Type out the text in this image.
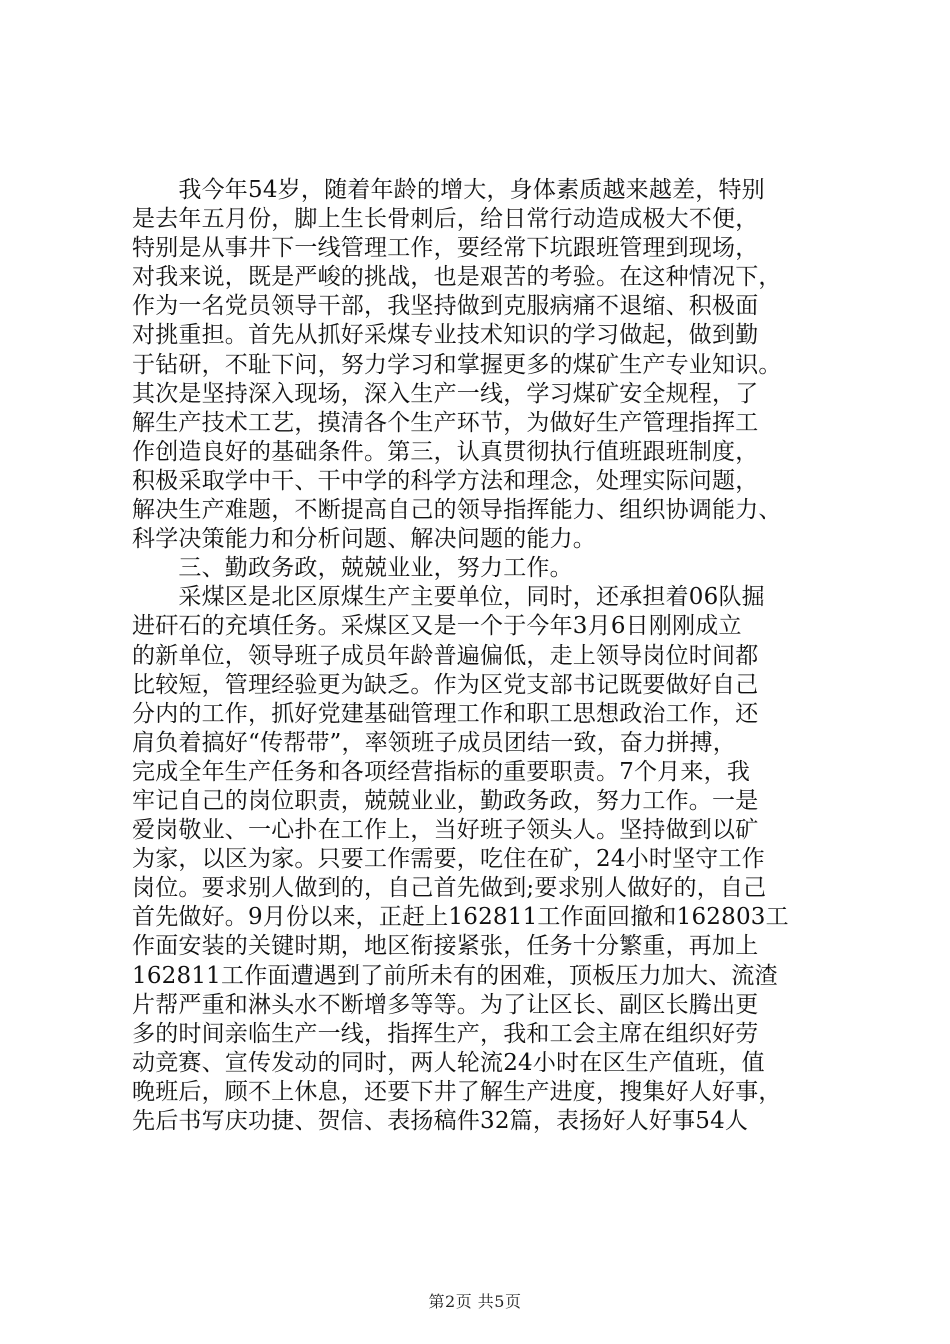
　　我今年54岁，随着年龄的增大，身体素质越来越差，特别
是去年五月份，脚上生长骨刺后，给日常行动造成极大不便，
特别是从事井下一线管理工作，要经常下坑跟班管理到现场，
对我来说，既是严峻的挑战，也是艰苦的考验。在这种情况下，
作为一名党员领导干部，我坚持做到克服病痛不退缩、积极面
对挑重担。首先从抓好采煤专业技术知识的学习做起，做到勤
于钻研，不耻下问，努力学习和掌握更多的煤矿生产专业知识。
其次是坚持深入现场，深入生产一线，学习煤矿安全规程，了
解生产技术工艺，摸清各个生产环节，为做好生产管理指挥工
作创造良好的基础条件。第三，认真贯彻执行值班跟班制度，
积极采取学中干、干中学的科学方法和理念，处理实际问题，
解决生产难题，不断提高自己的领导指挥能力、组织协调能力、
科学决策能力和分析问题、解决问题的能力。
　　三、勤政务政，兢兢业业，努力工作。
　　采煤区是北区原煤生产主要单位，同时，还承担着06队掘
进矸石的充填任务。采煤区又是一个于今年3月6日刚刚成立
的新单位，领导班子成员年龄普遍偏低，走上领导岗位时间都
比较短，管理经验更为缺乏。作为区党支部书记既要做好自己
分内的工作，抓好党建基础管理工作和职工思想政治工作，还
肩负着搞好“传帮带”，率领班子成员团结一致，奋力拼搏，
完成全年生产任务和各项经营指标的重要职责。7个月来，我
牢记自己的岗位职责，兢兢业业，勤政务政，努力工作。一是
爱岗敬业、一心扑在工作上，当好班子领头人。坚持做到以矿
为家，以区为家。只要工作需要，吃住在矿，24小时坚守工作
岗位。要求别人做到的，自己首先做到;要求别人做好的，自己
首先做好。9月份以来，正赶上162811工作面回撤和162803工
作面安装的关键时期，地区衔接紧张，任务十分繁重，再加上
162811工作面遭遇到了前所未有的困难，顶板压力加大、流渣
片帮严重和淋头水不断增多等等。为了让区长、副区长腾出更
多的时间亲临生产一线，指挥生产，我和工会主席在组织好劳
动竞赛、宣传发动的同时，两人轮流24小时在区生产值班，值
晚班后，顾不上休息，还要下井了解生产进度，搜集好人好事，
先后书写庆功捷、贺信、表扬稿件32篇，表扬好人好事54人
第2页 共5页
